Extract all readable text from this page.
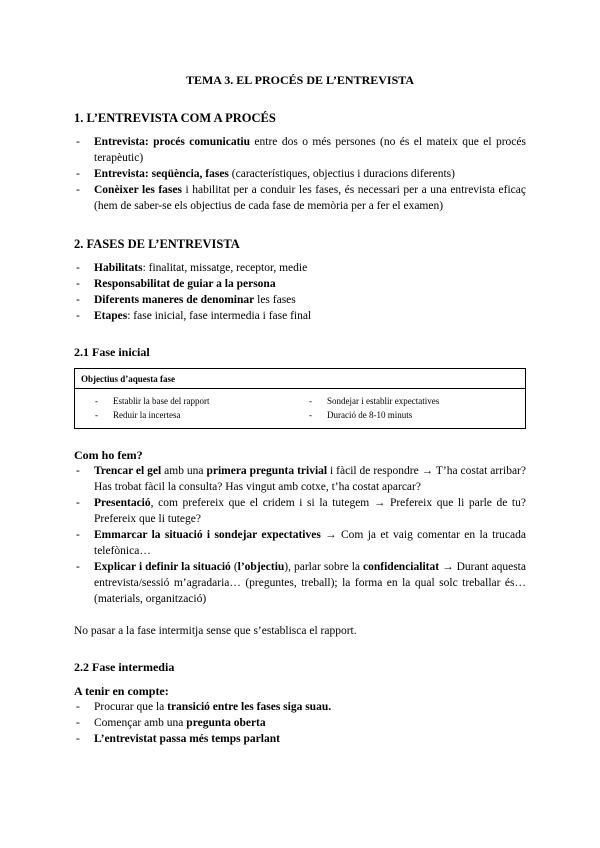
TEMA 3. EL PROCÉS DE L’ENTREVISTA
1. L’ENTREVISTA COM A PROCÉS
- Entrevista: procés comunicatiu entre dos o més persones (no és el mateix que el procés terapèutic)
- Entrevista: seqüència, fases (característiques, objectius i duracions diferents)
- Conèixer les fases i habilitat per a conduir les fases, és necessari per a una entrevista eficaç (hem de saber-se els objectius de cada fase de memòria per a fer el examen)
2. FASES DE L’ENTREVISTA
- Habilitats: finalitat, missatge, receptor, medie
- Responsabilitat de guiar a la persona
- Diferents maneres de denominar les fases
- Etapes: fase inicial, fase intermedia i fase final
2.1 Fase inicial
Objectius d’aquesta fase
- Establir la base del rapport
- Reduir la incertesa
- Sondejar i establir expectatives
- Duració de 8-10 minuts
Com ho fem?
- Trencar el gel amb una primera pregunta trivial i fàcil de respondre → T’ha costat arribar? Has trobat fàcil la consulta? Has vingut amb cotxe, t’ha costat aparcar?
- Presentació, com prefereix que el cridem i si la tutegem → Prefereix que li parle de tu? Prefereix que li tutege?
- Emmarcar la situació i sondejar expectatives → Com ja et vaig comentar en la trucada telefònica…
- Explicar i definir la situació (l’objectiu), parlar sobre la confidencialitat → Durant aquesta entrevista/sessió m’agradaria… (preguntes, treball); la forma en la qual solc treballar és… (materials, organització)

No pasar a la fase intermitja sense que s’establisca el rapport.

2.2 Fase intermedia
A tenir en compte:
- Procurar que la transició entre les fases siga suau.
- Començar amb una pregunta oberta
- L’entrevistat passa més temps parlant
